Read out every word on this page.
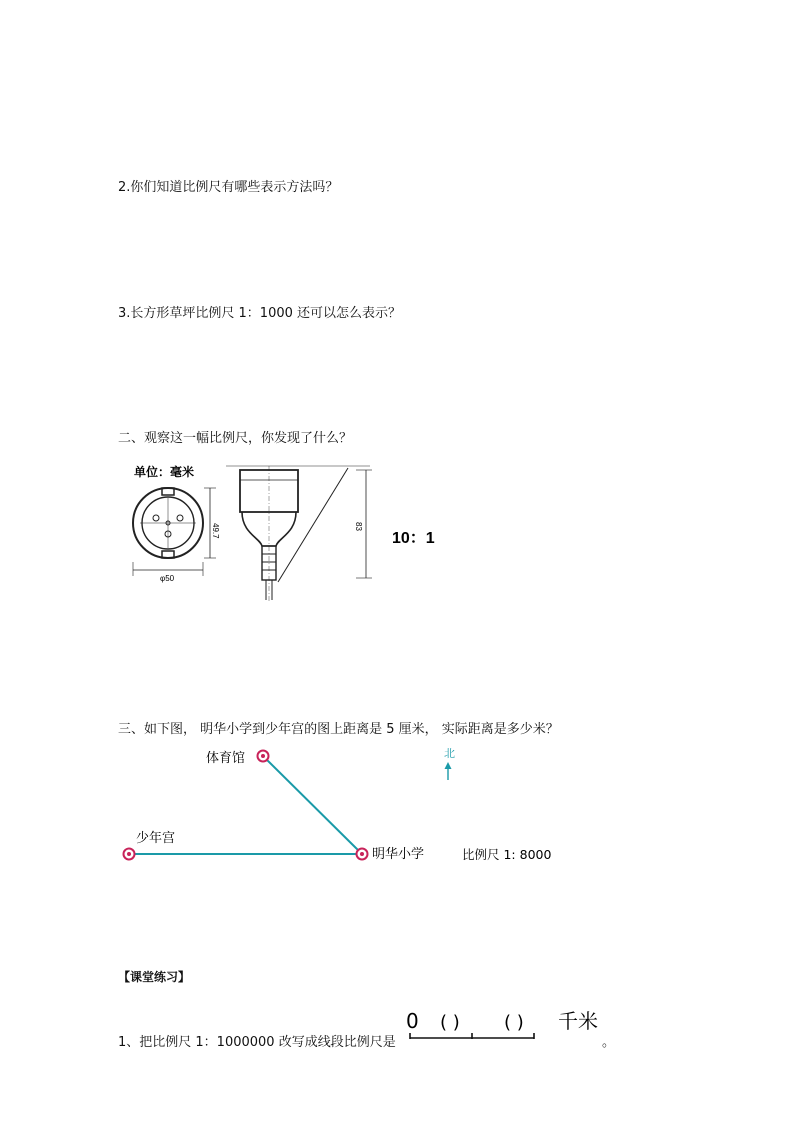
2.你们知道比例尺有哪些表示方法吗？
3.长方形草坪比例尺 1：1000 还可以怎么表示？
二、观察这一幅比例尺，你发现了什么？
单位：毫米
49.7
φ50
83
10：1
三、如下图， 明华小学到少年宫的图上距离是 5 厘米， 实际距离是多少米？
北
体育馆
少年宫
明华小学	比例尺 1: 8000
【课堂练习】
1、把比例尺 1：1000000 改写成线段比例尺是	。
0 ( ) ( ) 千米
